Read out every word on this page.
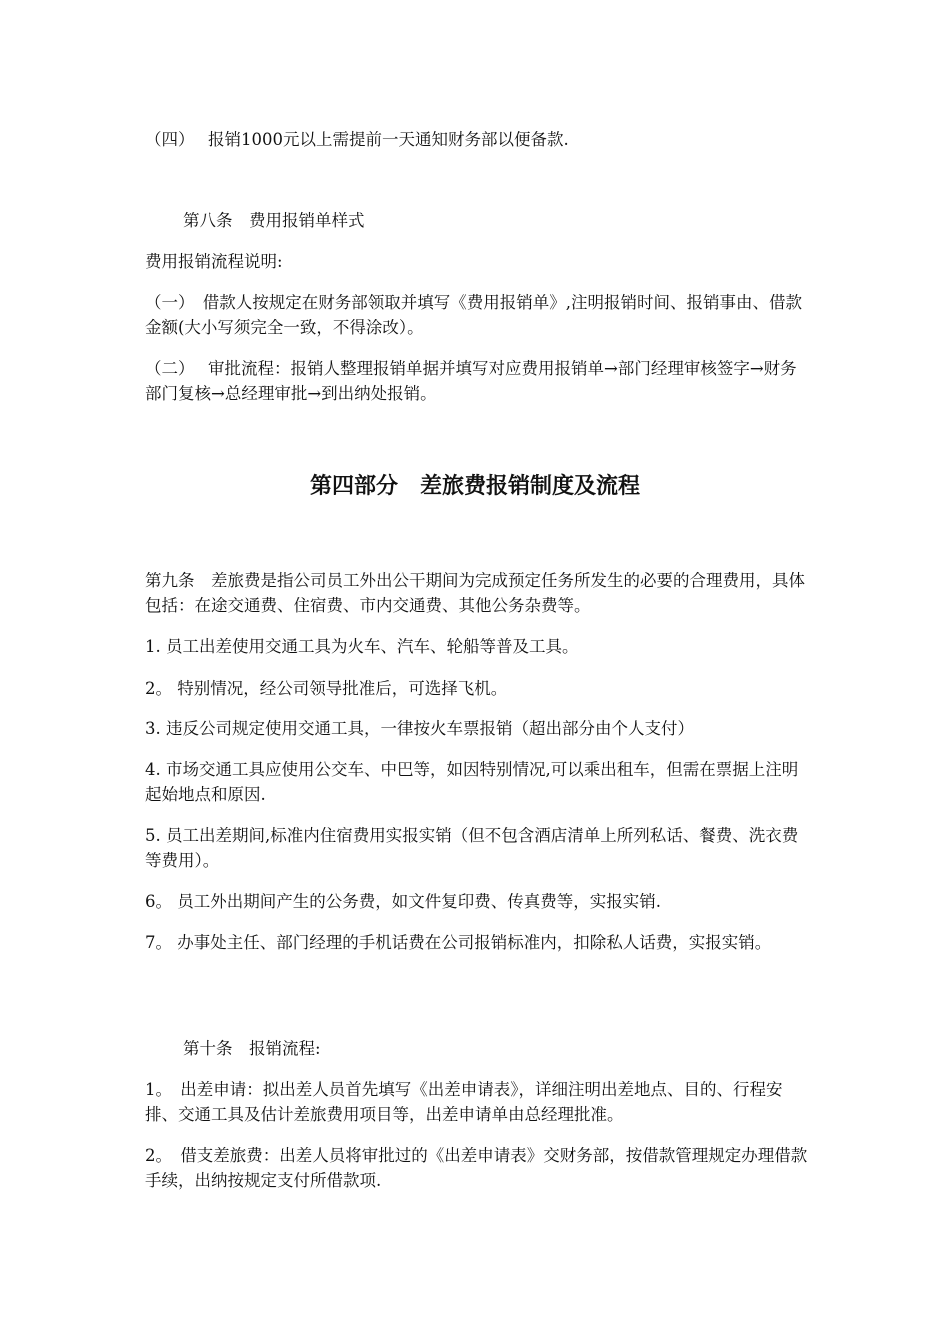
（四）　 报销1000元以上需提前一天通知财务部以便备款.

第八条　费用报销单样式

费用报销流程说明:

（一）　借款人按规定在财务部领取并填写《费用报销单》,注明报销时间、报销事由、借款金额(大小写须完全一致，不得涂改）。

（二）　 审批流程：报销人整理报销单据并填写对应费用报销单→部门经理审核签字→财务部门复核→总经理审批→到出纳处报销。

第四部分　差旅费报销制度及流程

第九条　差旅费是指公司员工外出公干期间为完成预定任务所发生的必要的合理费用，具体包括：在途交通费、住宿费、市内交通费、其他公务杂费等。

1. 员工出差使用交通工具为火车、汽车、轮船等普及工具。

2。 特别情况，经公司领导批准后，可选择飞机。

3. 违反公司规定使用交通工具，一律按火车票报销（超出部分由个人支付）

4. 市场交通工具应使用公交车、中巴等，如因特别情况,可以乘出租车，但需在票据上注明起始地点和原因.

5. 员工出差期间,标准内住宿费用实报实销（但不包含酒店清单上所列私话、餐费、洗衣费等费用）。

6。 员工外出期间产生的公务费，如文件复印费、传真费等，实报实销.

7。 办事处主任、部门经理的手机话费在公司报销标准内，扣除私人话费，实报实销。

第十条　报销流程:

1。　出差申请：拟出差人员首先填写《出差申请表》，详细注明出差地点、目的、行程安排、交通工具及估计差旅费用项目等，出差申请单由总经理批准。

2。　借支差旅费：出差人员将审批过的《出差申请表》交财务部，按借款管理规定办理借款手续，出纳按规定支付所借款项.
